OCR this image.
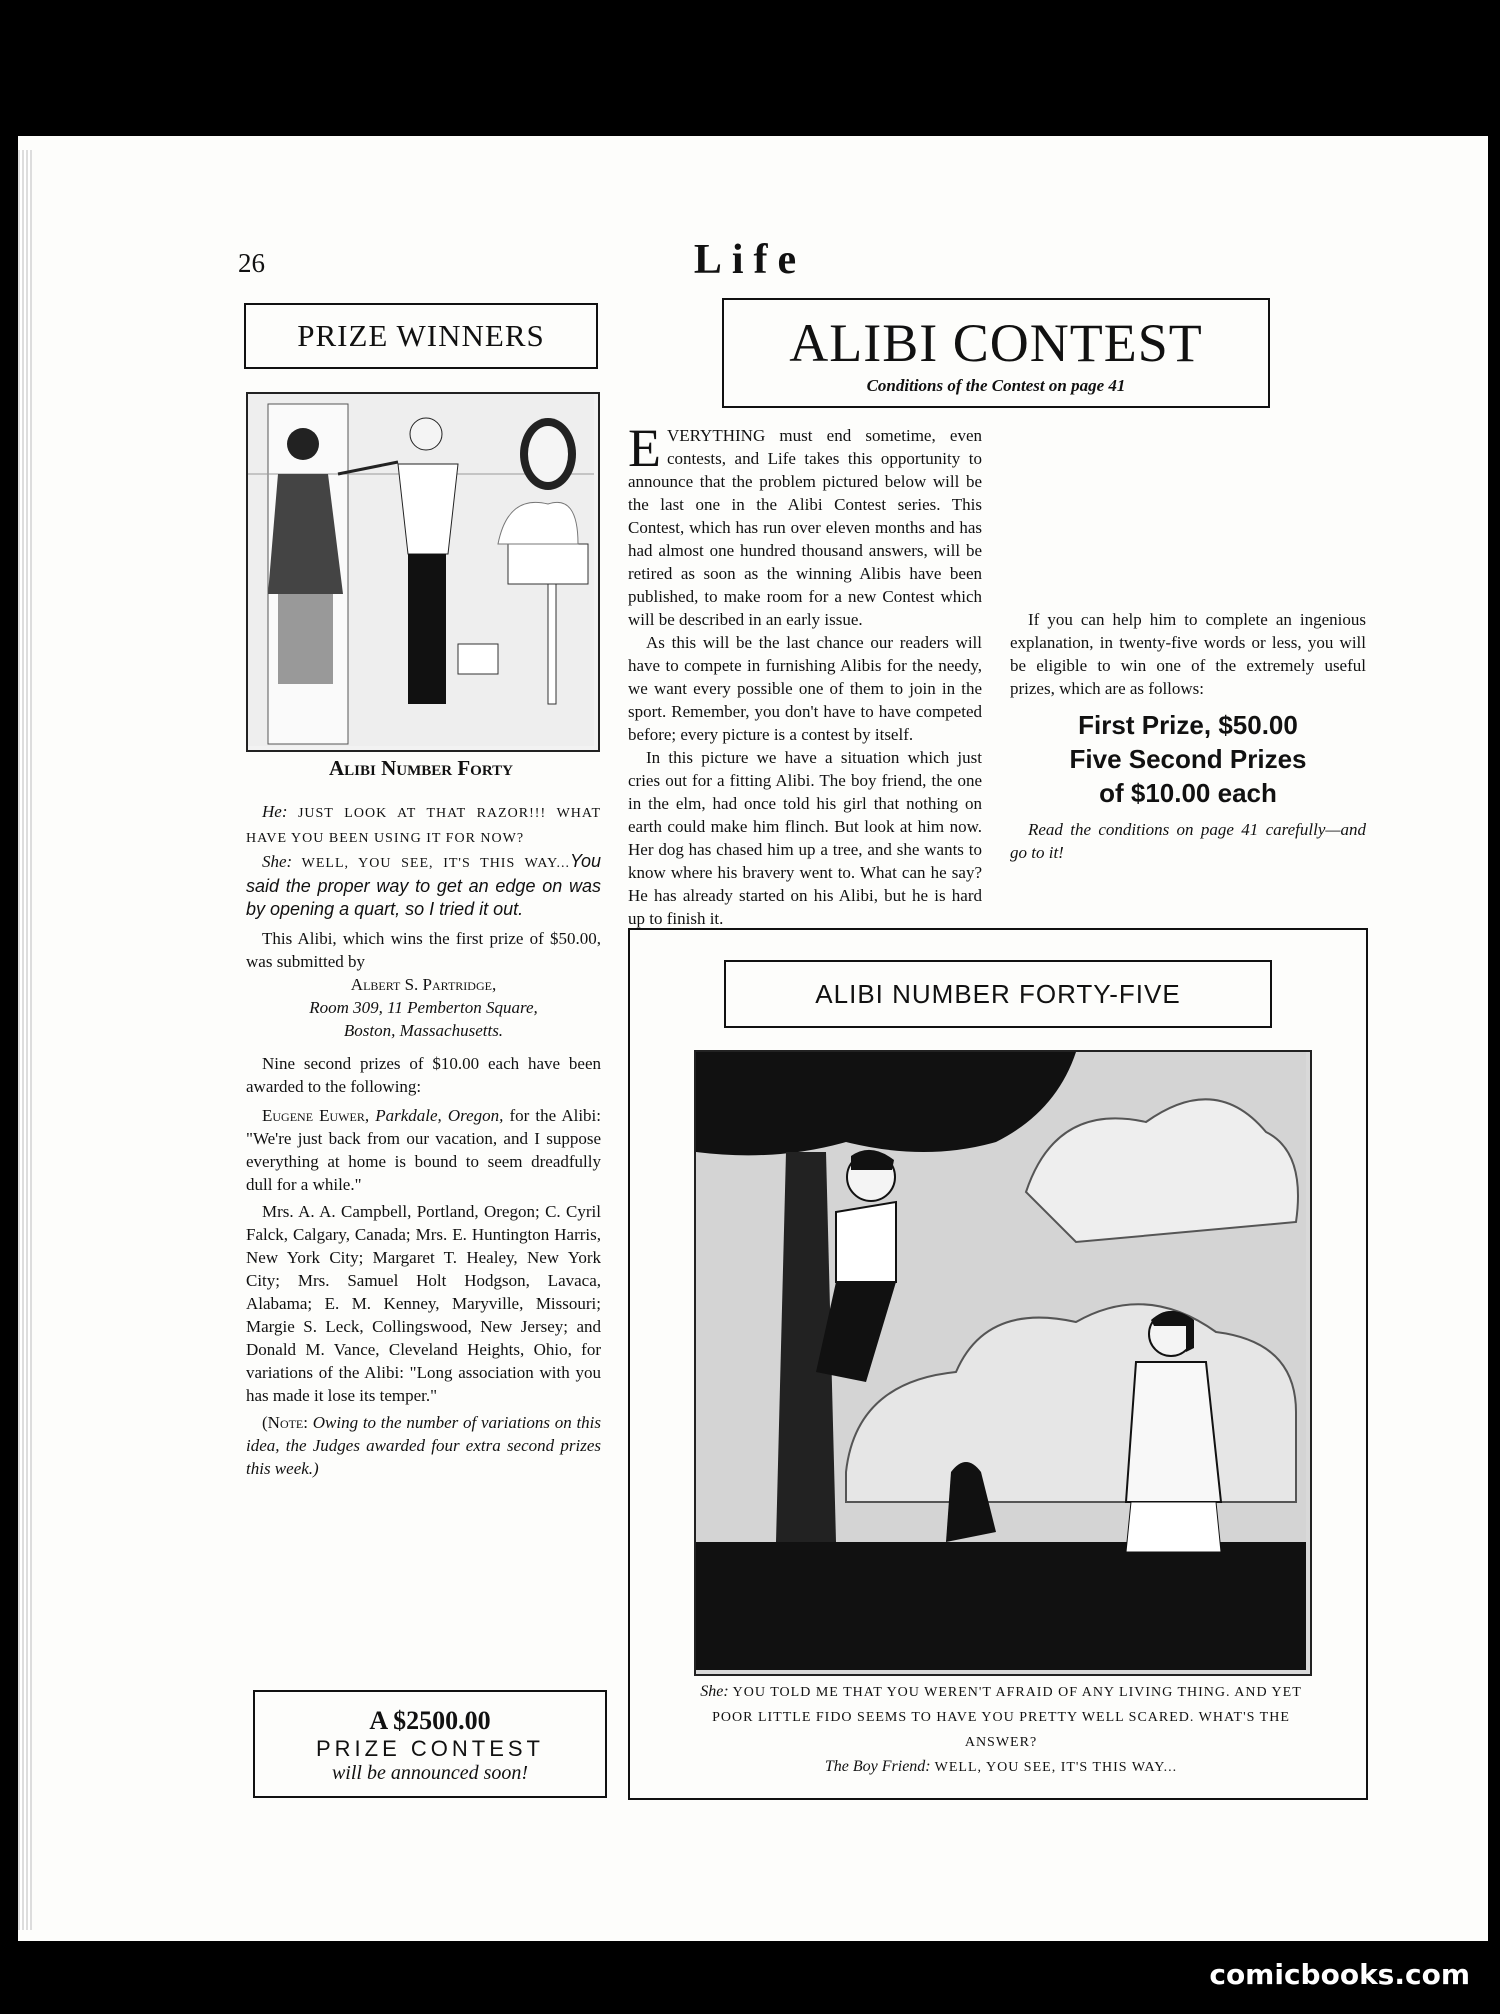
26	Life
PRIZE WINNERS	ALIBI CONTEST
Conditions of the Contest on page 41
Alibi Number Forty

He: JUST LOOK AT THAT RAZOR!!! WHAT HAVE YOU BEEN USING IT FOR NOW?

She: WELL, YOU SEE, IT'S THIS WAY...You said the proper way to get an edge on was by opening a quart, so I tried it out.

This Alibi, which wins the first prize of $50.00, was submitted by

Albert S. Partridge,

Room 309, 11 Pemberton Square,

Boston, Massachusetts.

Nine second prizes of $10.00 each have been awarded to the following:

Eugene Euwer, Parkdale, Oregon, for the Alibi: "We're just back from our vacation, and I suppose everything at home is bound to seem dreadfully dull for a while."

Mrs. A. A. Campbell, Portland, Oregon; C. Cyril Falck, Calgary, Canada; Mrs. E. Huntington Harris, New York City; Margaret T. Healey, New York City; Mrs. Samuel Holt Hodgson, Lavaca, Alabama; E. M. Kenney, Maryville, Missouri; Margie S. Leck, Collingswood, New Jersey; and Donald M. Vance, Cleveland Heights, Ohio, for variations of the Alibi: "Long association with you has made it lose its temper."

(Note: Owing to the number of variations on this idea, the Judges awarded four extra second prizes this week.)

A $2500.00
PRIZE CONTEST
will be announced soon!

EVERYTHING must end sometime, even contests, and Life takes this opportunity to announce that the problem pictured below will be the last one in the Alibi Contest series. This Contest, which has run over eleven months and has had almost one hundred thousand answers, will be retired as soon as the winning Alibis have been published, to make room for a new Contest which will be described in an early issue.

As this will be the last chance our readers will have to compete in furnishing Alibis for the needy, we want every possible one of them to join in the sport. Remember, you don't have to have competed before; every picture is a contest by itself.

In this picture we have a situation which just cries out for a fitting Alibi. The boy friend, the one in the elm, had once told his girl that nothing on earth could make him flinch. But look at him now. Her dog has chased him up a tree, and she wants to know where his bravery went to. What can he say? He has already started on his Alibi, but he is hard up to finish it.

If you can help him to complete an ingenious explanation, in twenty-five words or less, you will be eligible to win one of the extremely useful prizes, which are as follows:

First Prize, $50.00
Five Second Prizes
of $10.00 each

Read the conditions on page 41 carefully—and go to it!

ALIBI NUMBER FORTY-FIVE
She: YOU TOLD ME THAT YOU WEREN'T AFRAID OF ANY LIVING THING. AND YET POOR LITTLE FIDO SEEMS TO HAVE YOU PRETTY WELL SCARED. WHAT'S THE ANSWER?
The Boy Friend: WELL, YOU SEE, IT'S THIS WAY...
comicbooks.com
